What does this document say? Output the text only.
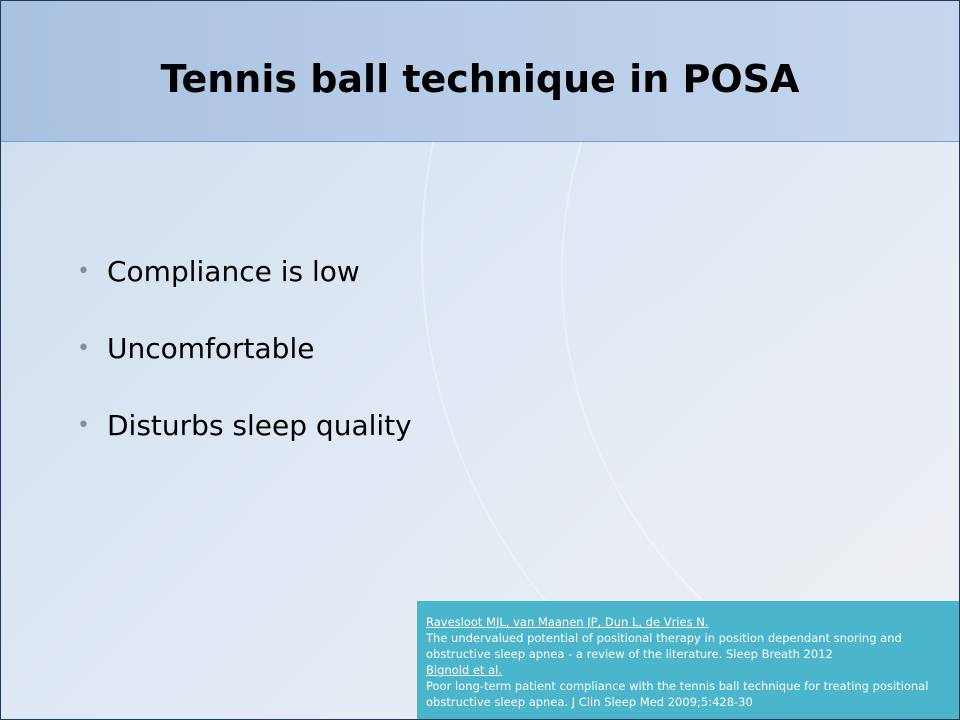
Tennis ball technique in POSA
• Compliance is low
• Uncomfortable
• Disturbs sleep quality
Ravesloot MJL, van Maanen JP, Dun L, de Vries N.
The undervalued potential of positional therapy in position dependant snoring and obstructive sleep apnea - a review of the literature. Sleep Breath 2012
Bignold et al.
Poor long-term patient compliance with the tennis ball technique for treating positional obstructive sleep apnea. J Clin Sleep Med 2009;5:428-30
